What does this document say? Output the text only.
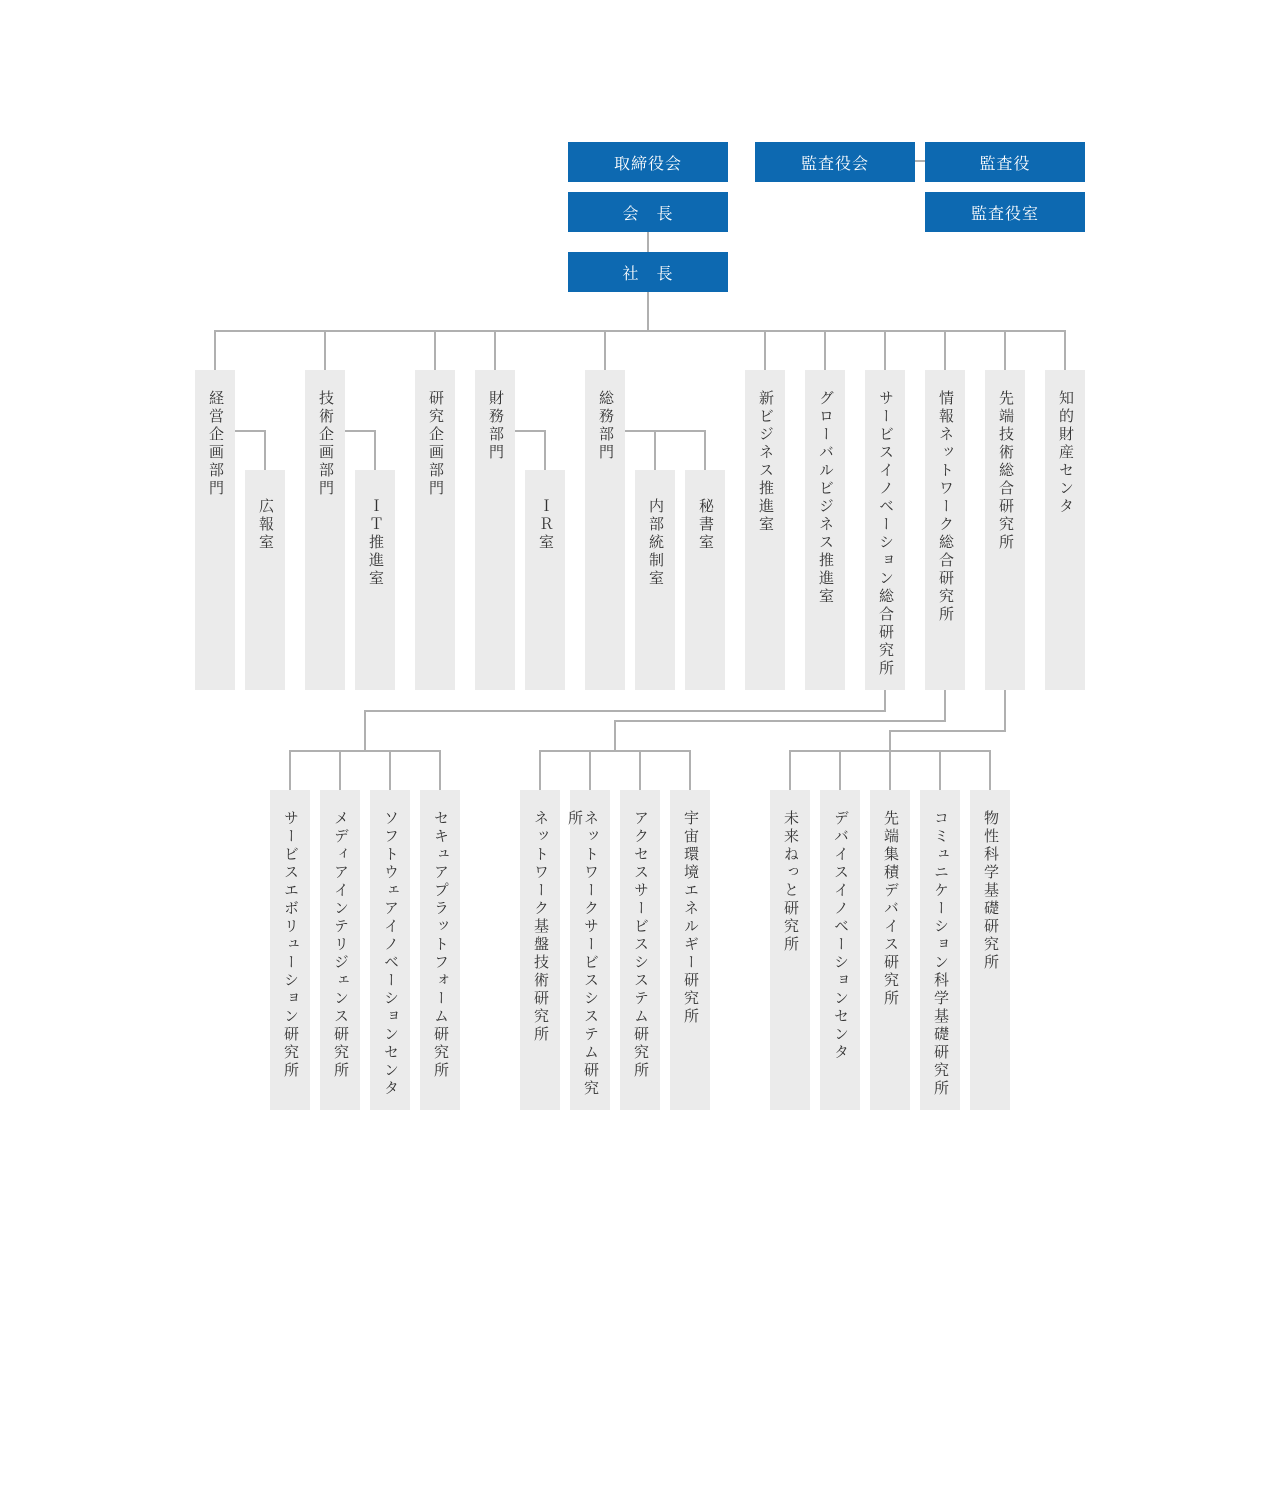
取締役会
会　長
社　長
監査役会	監査役
監査役室
経営企画部門	技術企画部門	研究企画部門	財務部門	総務部門	新ビジネス推進室	グローバルビジネス推進室	サービスイノベーション総合研究所	情報ネットワーク総合研究所	先端技術総合研究所	知的財産センタ
広報室	ＩＴ推進室	ＩＲ室	内部統制室	秘書室
サービスエボリューション研究所	メディアインテリジェンス研究所	ソフトウェアイノベーションセンタ	セキュアプラットフォーム研究所	ネットワーク基盤技術研究所	ネットワークサービスシステム研究所	アクセスサービスシステム研究所	宇宙環境エネルギー研究所	未来ねっと研究所	デバイスイノベーションセンタ	先端集積デバイス研究所	コミュニケーション科学基礎研究所	物性科学基礎研究所
